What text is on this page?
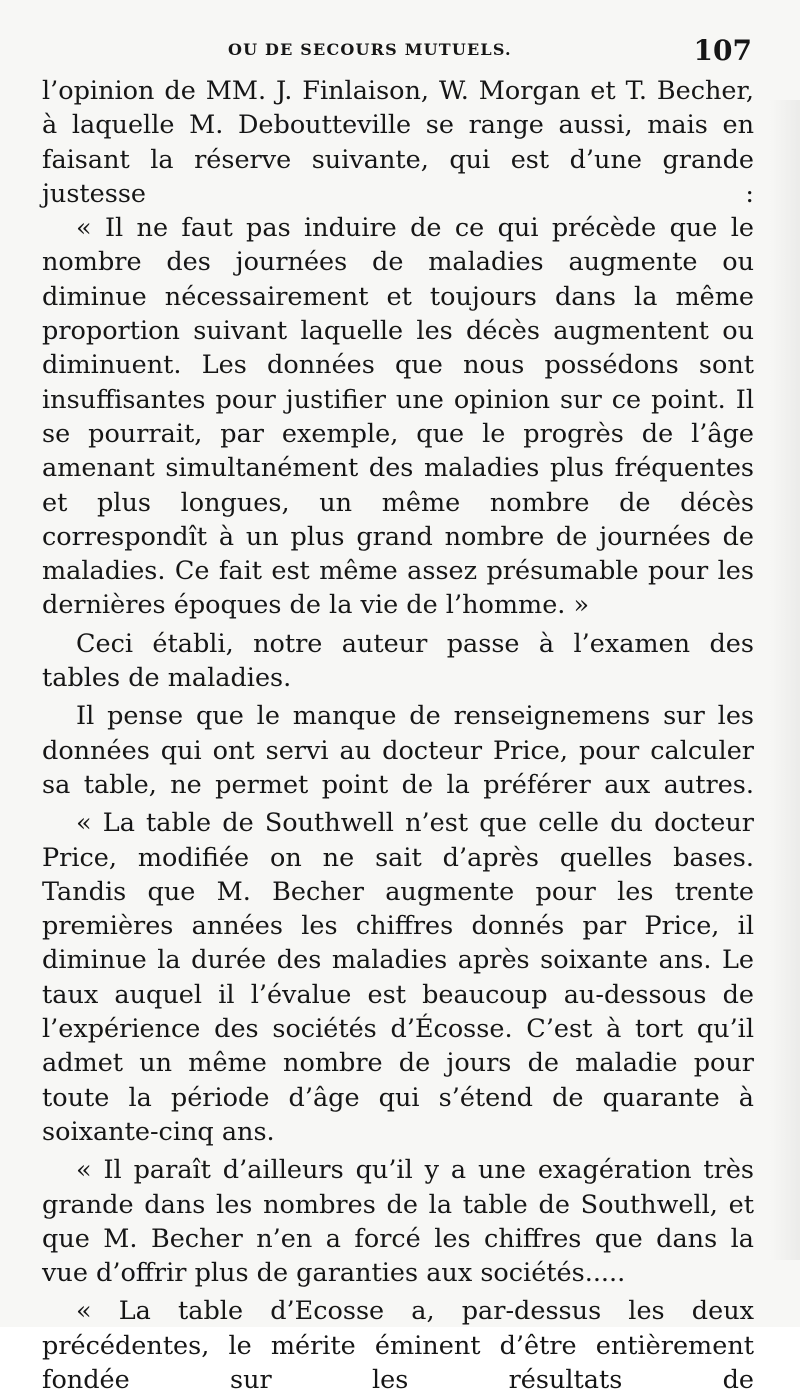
OU DE SECOURS MUTUELS.	107

l’opinion de MM. J. Finlaison, W. Morgan et T. Becher, à laquelle M. Deboutteville se range aussi, mais en faisant la réserve suivante, qui est d’une grande justesse :

« Il ne faut pas induire de ce qui précède que le nombre des journées de maladies augmente ou diminue nécessairement et toujours dans la même proportion suivant laquelle les décès augmentent ou diminuent. Les données que nous possédons sont insuffisantes pour justifier une opinion sur ce point. Il se pourrait, par exemple, que le progrès de l’âge amenant simultanément des maladies plus fréquentes et plus longues, un même nombre de décès correspondît à un plus grand nombre de journées de maladies. Ce fait est même assez présumable pour les dernières époques de la vie de l’homme. »

Ceci établi, notre auteur passe à l’examen des tables de maladies.

Il pense que le manque de renseignemens sur les données qui ont servi au docteur Price, pour calculer sa table, ne permet point de la préférer aux autres.

« La table de Southwell n’est que celle du docteur Price, modifiée on ne sait d’après quelles bases. Tandis que M. Becher augmente pour les trente premières années les chiffres donnés par Price, il diminue la durée des maladies après soixante ans. Le taux auquel il l’évalue est beaucoup au-dessous de l’expérience des sociétés d’Écosse. C’est à tort qu’il admet un même nombre de jours de maladie pour toute la période d’âge qui s’étend de quarante à soixante-cinq ans.

« Il paraît d’ailleurs qu’il y a une exagération très grande dans les nombres de la table de Southwell, et que M. Becher n’en a forcé les chiffres que dans la vue d’offrir plus de garanties aux sociétés.....

« La table d’Ecosse a, par-dessus les deux précédentes, le mérite éminent d’être entièrement fondée sur les résultats de
